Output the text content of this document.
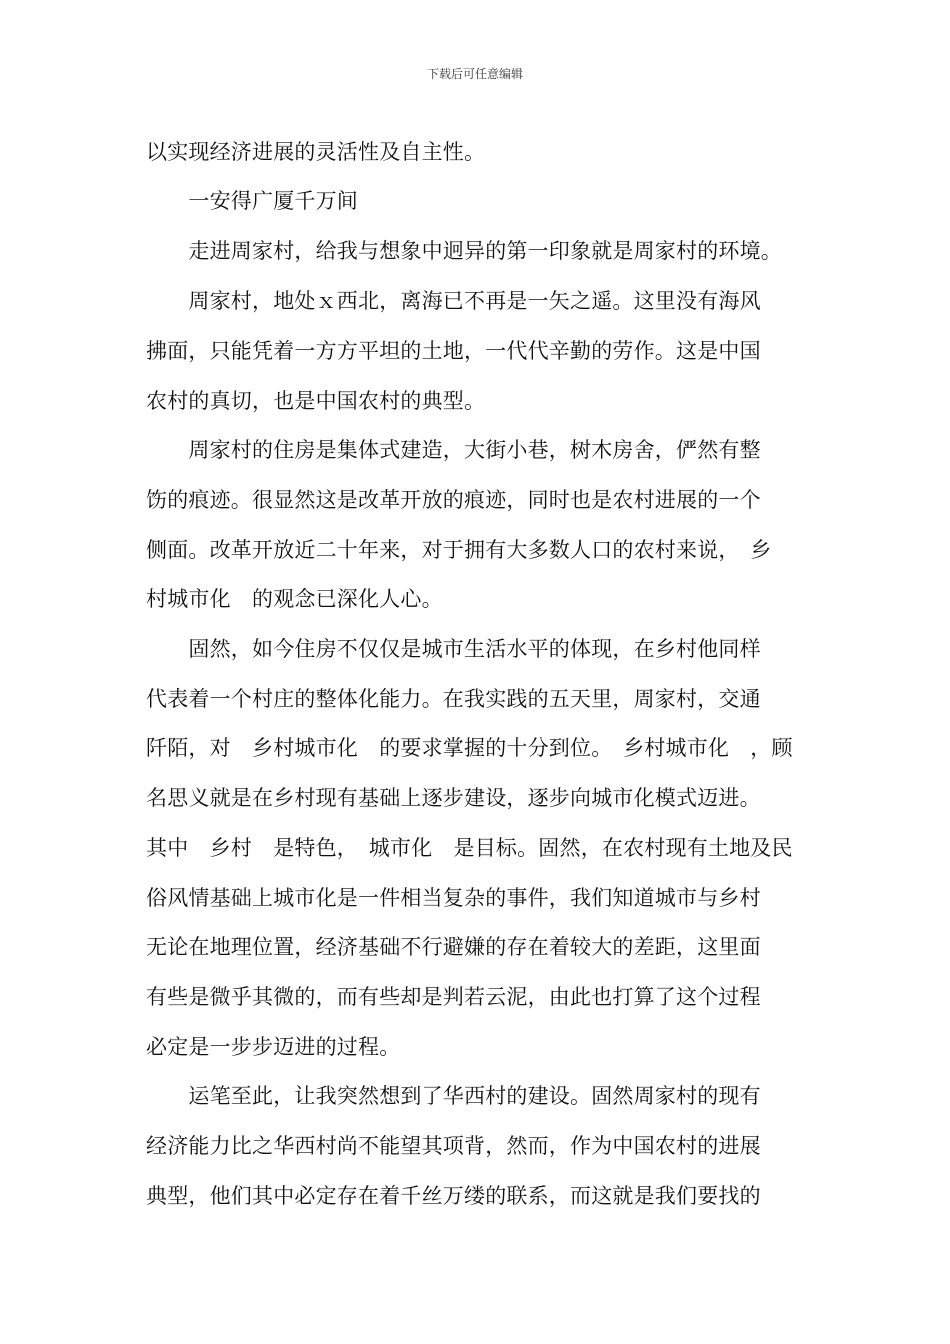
下载后可任意编辑
以实现经济进展的灵活性及自主性。
　　一安得广厦千万间
　　走进周家村，给我与想象中迥异的第一印象就是周家村的环境。
　　周家村，地处ｘ西北，离海已不再是一矢之遥。这里没有海风
拂面，只能凭着一方方平坦的土地，一代代辛勤的劳作。这是中国
农村的真切，也是中国农村的典型。
　　周家村的住房是集体式建造，大街小巷，树木房舍，俨然有整
饬的痕迹。很显然这是改革开放的痕迹，同时也是农村进展的一个
侧面。改革开放近二十年来，对于拥有大多数人口的农村来说，　乡
村城市化　的观念已深化人心。
　　固然，如今住房不仅仅是城市生活水平的体现，在乡村他同样
代表着一个村庄的整体化能力。在我实践的五天里，周家村，交通
阡陌，对　乡村城市化　的要求掌握的十分到位。　乡村城市化　，顾
名思义就是在乡村现有基础上逐步建设，逐步向城市化模式迈进。
其中　乡村　是特色，　城市化　是目标。固然，在农村现有土地及民
俗风情基础上城市化是一件相当复杂的事件，我们知道城市与乡村
无论在地理位置，经济基础不行避嫌的存在着较大的差距，这里面
有些是微乎其微的，而有些却是判若云泥，由此也打算了这个过程
必定是一步步迈进的过程。
　　运笔至此，让我突然想到了华西村的建设。固然周家村的现有
经济能力比之华西村尚不能望其项背，然而，作为中国农村的进展
典型，他们其中必定存在着千丝万缕的联系，而这就是我们要找的
